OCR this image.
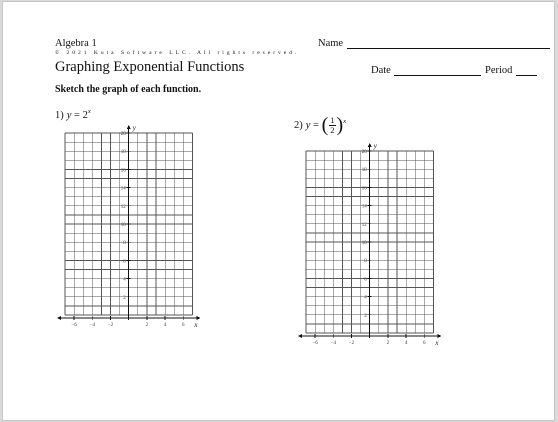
Algebra 1
© 2021 Kuta Software LLC. All rights reserved.
Graphing Exponential Functions
Name
Date	Period
Sketch the graph of each function.
1) $y = 2^x$
2) y = ( $\frac{1}{2} )^x$
−6	−4	−2	2	4	6
2
4
6
8
10
12
14
16
18
20
x
y
−6	−4	−2	2	4	6
2
4
6
8
10
12
14
16
18
20
x
y
